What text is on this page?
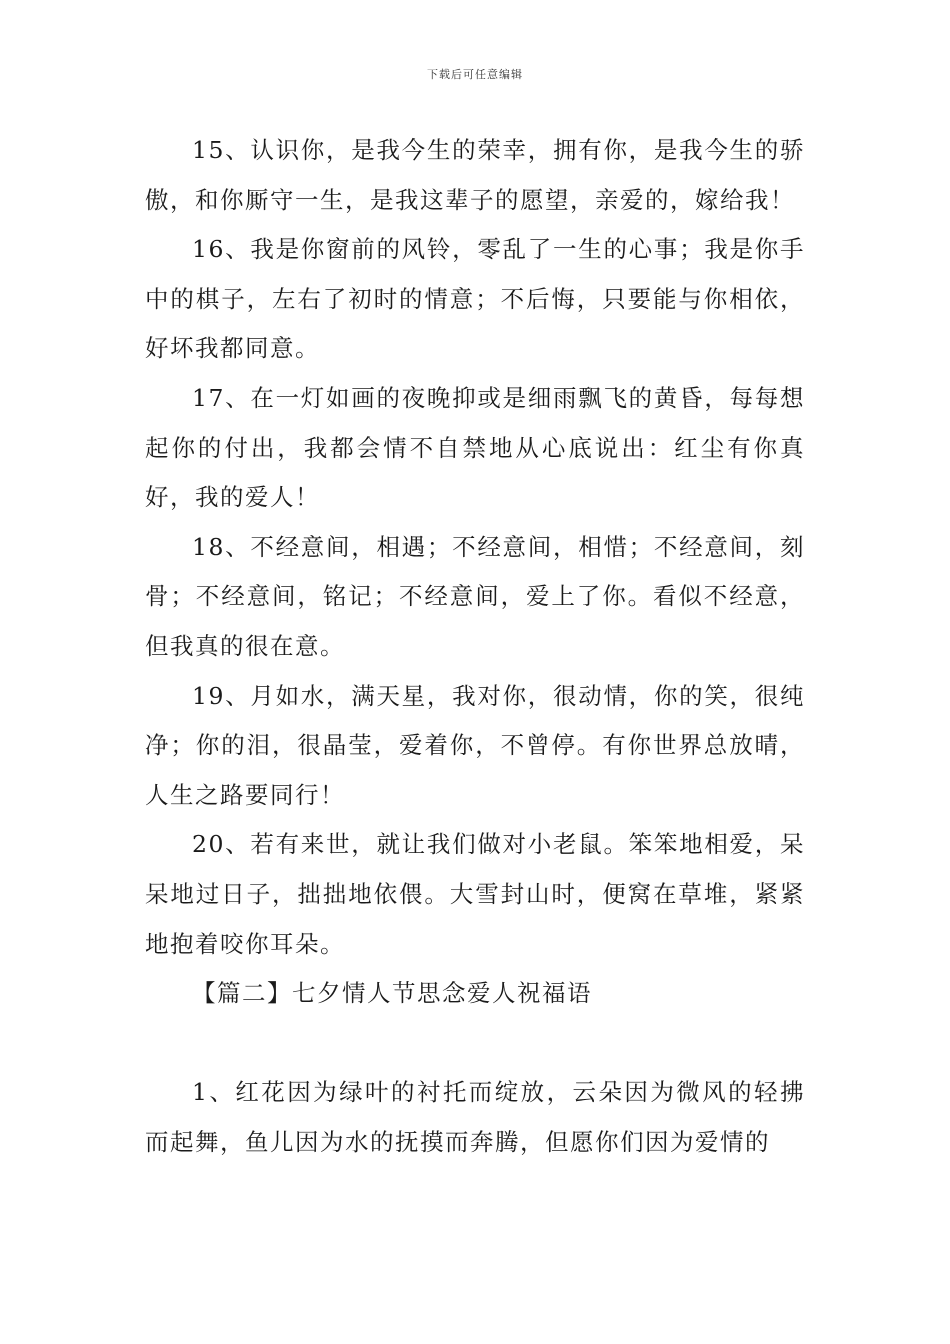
下载后可任意编辑

15、认识你，是我今生的荣幸，拥有你，是我今生的骄傲，和你厮守一生，是我这辈子的愿望，亲爱的，嫁给我！

16、我是你窗前的风铃，零乱了一生的心事；我是你手中的棋子，左右了初时的情意；不后悔，只要能与你相依，好坏我都同意。

17、在一灯如画的夜晚抑或是细雨飘飞的黄昏，每每想起你的付出，我都会情不自禁地从心底说出：红尘有你真好，我的爱人！

18、不经意间，相遇；不经意间，相惜；不经意间，刻骨；不经意间，铭记；不经意间，爱上了你。看似不经意，但我真的很在意。

19、月如水，满天星，我对你，很动情，你的笑，很纯净；你的泪，很晶莹，爱着你，不曾停。有你世界总放晴，人生之路要同行！

20、若有来世，就让我们做对小老鼠。笨笨地相爱，呆呆地过日子，拙拙地依偎。大雪封山时，便窝在草堆，紧紧地抱着咬你耳朵。

【篇二】七夕情人节思念爱人祝福语

1、红花因为绿叶的衬托而绽放，云朵因为微风的轻拂而起舞，鱼儿因为水的抚摸而奔腾，但愿你们因为爱情的
